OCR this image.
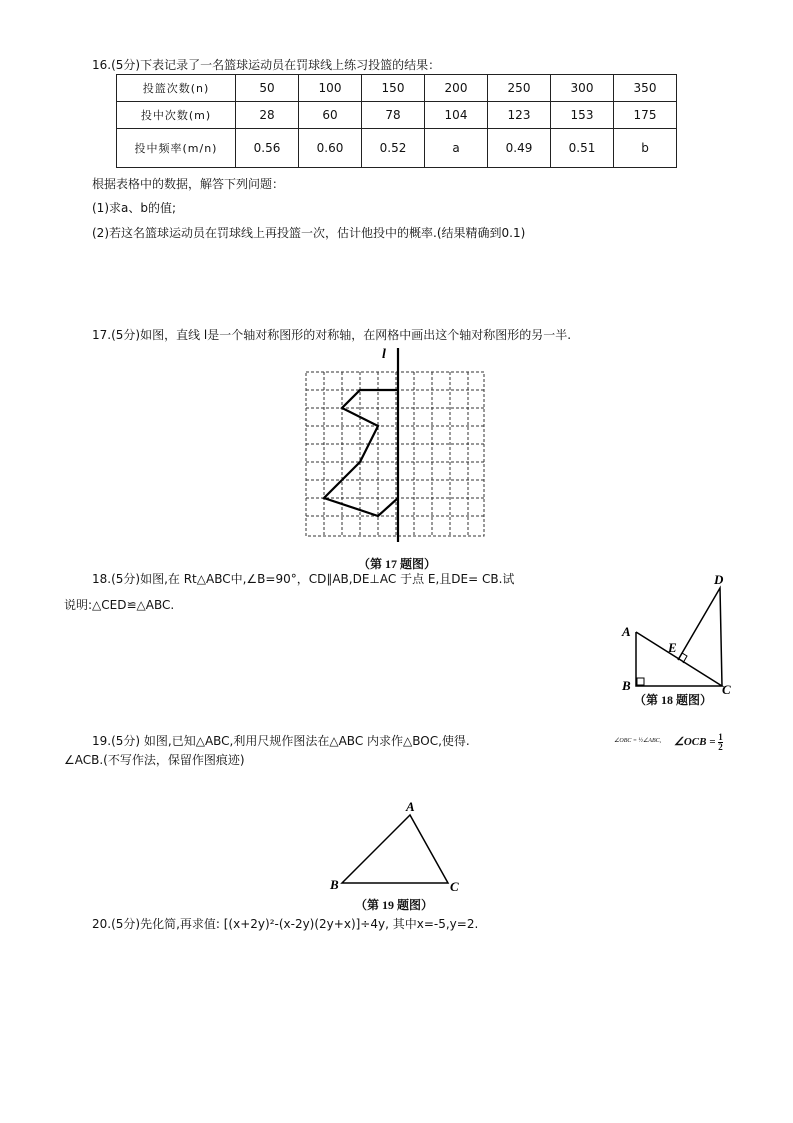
16.(5分)下表记录了一名篮球运动员在罚球线上练习投篮的结果：
投篮次数(n)	50	100	150	200	250	300	350
投中次数(m)	28	60	78	104	123	153	175
投中频率(m/n)	0.56	0.60	0.52	a	0.49	0.51	b
根据表格中的数据，解答下列问题：
(1)求a、b的值;
(2)若这名篮球运动员在罚球线上再投篮一次，估计他投中的概率.(结果精确到0.1)
17.(5分)如图，直线 l是一个轴对称图形的对称轴，在网格中画出这个轴对称图形的另一半.
l
（第 17 题图）
18.(5分)如图,在 Rt△ABC中,∠B=90°，CD∥AB,DE⊥AC 于点 E,且DE= CB.试
说明:△CED≌△ABC.
A
B	C
D
E
（第 18 题图）
19.(5分) 如图,已知△ABC,利用尺规作图法在△ABC 内求作△BOC,使得.	∠OBC = ½∠ABC, ∠OCB = $\frac{1}{2}$
∠ACB.(不写作法，保留作图痕迹)
A
B	C
（第 19 题图）
20.(5分)先化简,再求值: [(x+2y)²-(x-2y)(2y+x)]÷4y, 其中x=-5,y=2.
